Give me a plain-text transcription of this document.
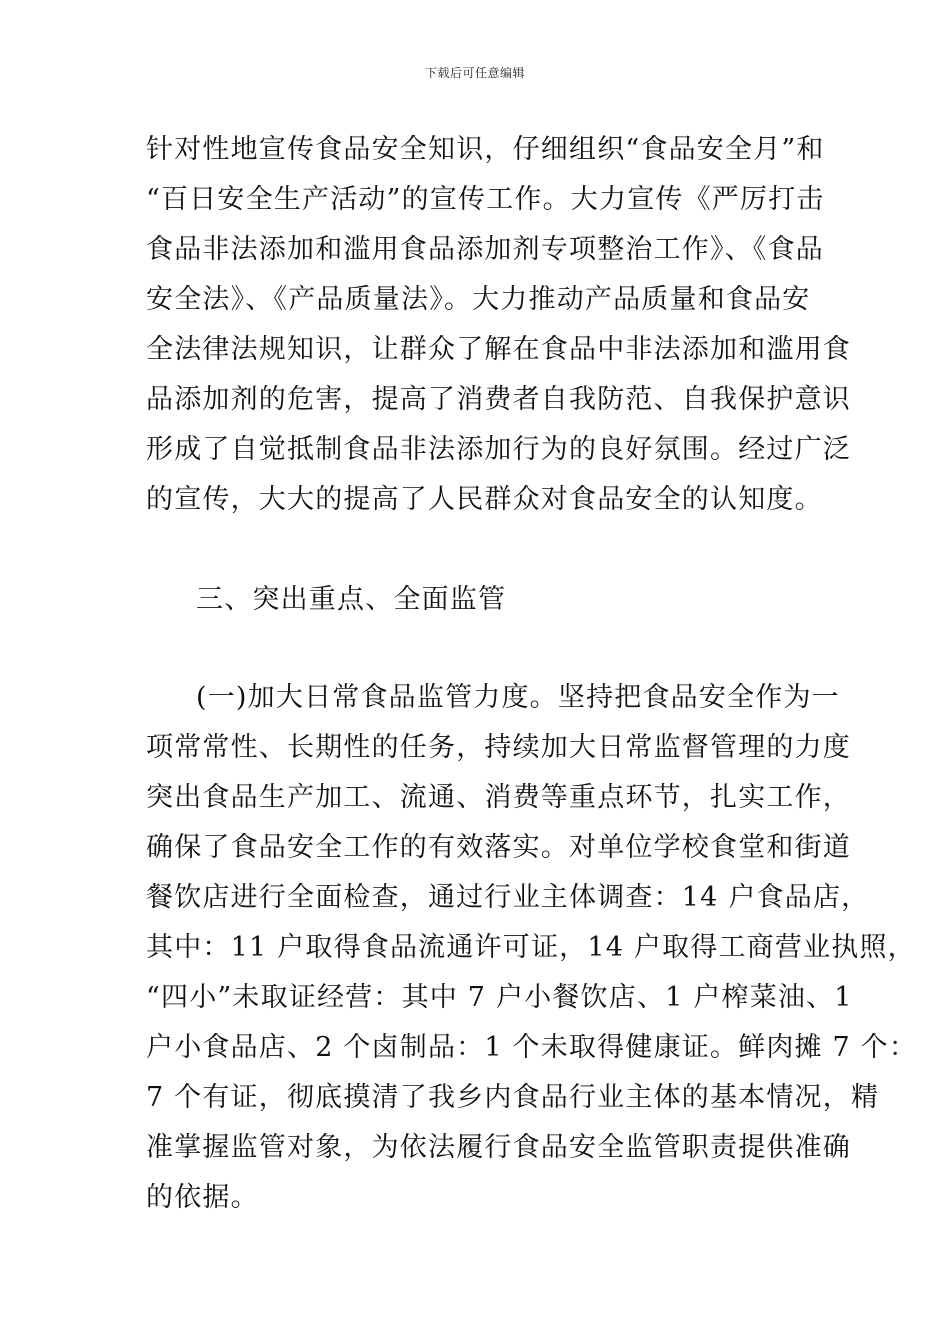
下载后可任意编辑
针对性地宣传食品安全知识，仔细组织“食品安全月”和
“百日安全生产活动”的宣传工作。大力宣传《严厉打击
食品非法添加和滥用食品添加剂专项整治工作》、《食品
安全法》、《产品质量法》。大力推动产品质量和食品安
全法律法规知识，让群众了解在食品中非法添加和滥用食
品添加剂的危害，提高了消费者自我防范、自我保护意识
形成了自觉抵制食品非法添加行为的良好氛围。经过广泛
的宣传，大大的提高了人民群众对食品安全的认知度。
三、突出重点、全面监管
(一)加大日常食品监管力度。坚持把食品安全作为一
项常常性、长期性的任务，持续加大日常监督管理的力度
突出食品生产加工、流通、消费等重点环节，扎实工作，
确保了食品安全工作的有效落实。对单位学校食堂和街道
餐饮店进行全面检查，通过行业主体调查：14 户食品店，
其中：11 户取得食品流通许可证，14 户取得工商营业执照，
“四小”未取证经营：其中 7 户小餐饮店、1 户榨菜油、1
户小食品店、2 个卤制品：1 个未取得健康证。鲜肉摊 7 个：
7 个有证，彻底摸清了我乡内食品行业主体的基本情况，精
准掌握监管对象，为依法履行食品安全监管职责提供准确
的依据。
